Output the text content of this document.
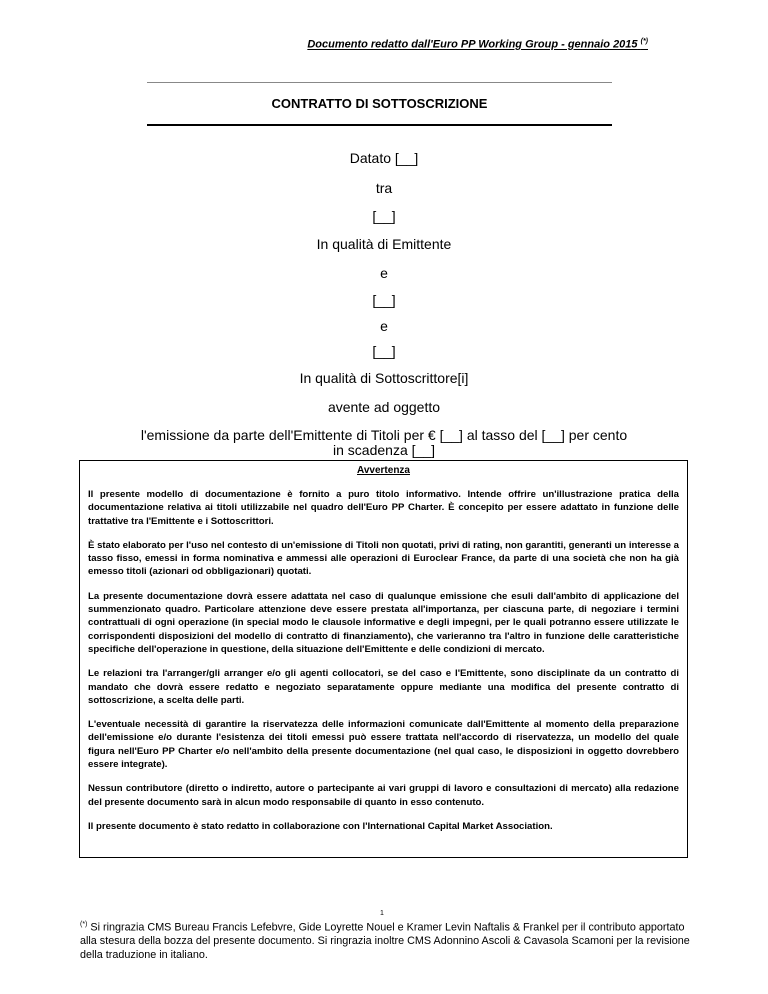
Documento redatto dall'Euro PP Working Group - gennaio 2015 (*)
CONTRATTO DI SOTTOSCRIZIONE
Datato [__]
tra
[__]
In qualità di Emittente
e
[__]
e
[__]
In qualità di Sottoscrittore[i]
avente ad oggetto
l'emissione da parte dell'Emittente di Titoli per € [__] al tasso del [__] per cento
in scadenza [__]
Avvertenza

Il presente modello di documentazione è fornito a puro titolo informativo. Intende offrire un'illustrazione pratica della documentazione relativa ai titoli utilizzabile nel quadro dell'Euro PP Charter. È concepito per essere adattato in funzione delle trattative tra l'Emittente e i Sottoscrittori.

È stato elaborato per l'uso nel contesto di un'emissione di Titoli non quotati, privi di rating, non garantiti, generanti un interesse a tasso fisso, emessi in forma nominativa e ammessi alle operazioni di Euroclear France, da parte di una società che non ha già emesso titoli (azionari od obbligazionari) quotati.

La presente documentazione dovrà essere adattata nel caso di qualunque emissione che esuli dall'ambito di applicazione del summenzionato quadro. Particolare attenzione deve essere prestata all'importanza, per ciascuna parte, di negoziare i termini contrattuali di ogni operazione (in special modo le clausole informative e degli impegni, per le quali potranno essere utilizzate le corrispondenti disposizioni del modello di contratto di finanziamento), che varieranno tra l'altro in funzione delle caratteristiche specifiche dell'operazione in questione, della situazione dell'Emittente e delle condizioni di mercato.

Le relazioni tra l'arranger/gli arranger e/o gli agenti collocatori, se del caso e l'Emittente, sono disciplinate da un contratto di mandato che dovrà essere redatto e negoziato separatamente oppure mediante una modifica del presente contratto di sottoscrizione, a scelta delle parti.

L'eventuale necessità di garantire la riservatezza delle informazioni comunicate dall'Emittente al momento della preparazione dell'emissione e/o durante l'esistenza dei titoli emessi può essere trattata nell'accordo di riservatezza, un modello del quale figura nell'Euro PP Charter e/o nell'ambito della presente documentazione (nel qual caso, le disposizioni in oggetto dovrebbero essere integrate).

Nessun contributore (diretto o indiretto, autore o partecipante ai vari gruppi di lavoro e consultazioni di mercato) alla redazione del presente documento sarà in alcun modo responsabile di quanto in esso contenuto.

Il presente documento è stato redatto in collaborazione con l'International Capital Market Association.

1
(*) Si ringrazia CMS Bureau Francis Lefebvre, Gide Loyrette Nouel e Kramer Levin Naftalis & Frankel per il contributo apportato alla stesura della bozza del presente documento. Si ringrazia inoltre CMS Adonnino Ascoli & Cavasola Scamoni per la revisione della traduzione in italiano.
